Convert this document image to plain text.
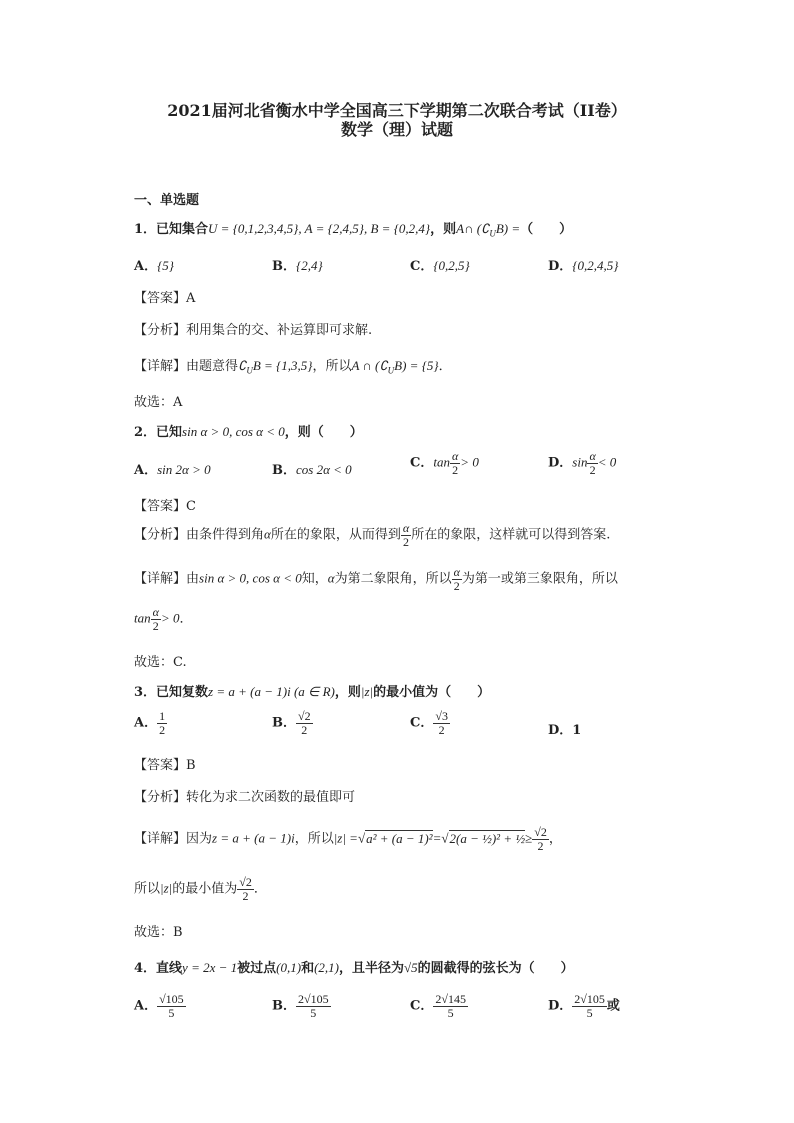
2021届河北省衡水中学全国高三下学期第二次联合考试（II卷）
数学（理）试题
一、单选题
1．已知集合U = {0,1,2,3,4,5}, A = {2,4,5}, B = {0,2,4}，则A∩ $(∁_UB)$ =（　　）
A．{5}	B．{2,4}	C．{0,2,5}	D．{0,2,4,5}
【答案】A
【分析】利用集合的交、补运算即可求解.
【详解】由题意得$∁_UB = \{1,3,5\}$，所以A ∩ $(∁_UB) = \{5\}$．
故选：A
2．已知sin α > 0, cos α < 0，则（　　）
A．sin 2α > 0	B．cos 2α < 0	C．$\tan \frac{\alpha}{2} > 0$	D．$\sin \frac{\alpha}{2} < 0$
【答案】C
【分析】由条件得到角α所在的象限，从而得到 $\frac{\alpha}{2}$ 所在的象限，这样就可以得到答案.
【详解】由sin α > 0, cos α < 0知，α为第二象限角，所以 $\frac{\alpha}{2}$ 为第一或第三象限角，所以
$\tan \frac{\alpha}{2} > 0$．
故选：C.
3．已知复数z = a + (a − 1)i (a ∈ R)，则|z|的最小值为（　　）
A． $\frac{1}{2}$	B． $\frac{√2}{2}$	C． $\frac{√3}{2}$	D．1
【答案】B
【分析】转化为求二次函数的最值即可
【详解】因为z = a + (a − 1)i，所以|z| =√a² + (a − 1)²=√2(a − ½)² + ½≥ $\frac{√2}{2}$ ，
所以|z|的最小值为 $\frac{√2}{2}$ ．
故选：B
4．直线y = 2x − 1被过点(0,1)和(2,1)，且半径为√5的圆截得的弦长为（　　）
A． $\frac{√105}{5}$	B． $\frac{2√105}{5}$	C． $\frac{2√145}{5}$	D． $\frac{2√105}{5}$ 或
